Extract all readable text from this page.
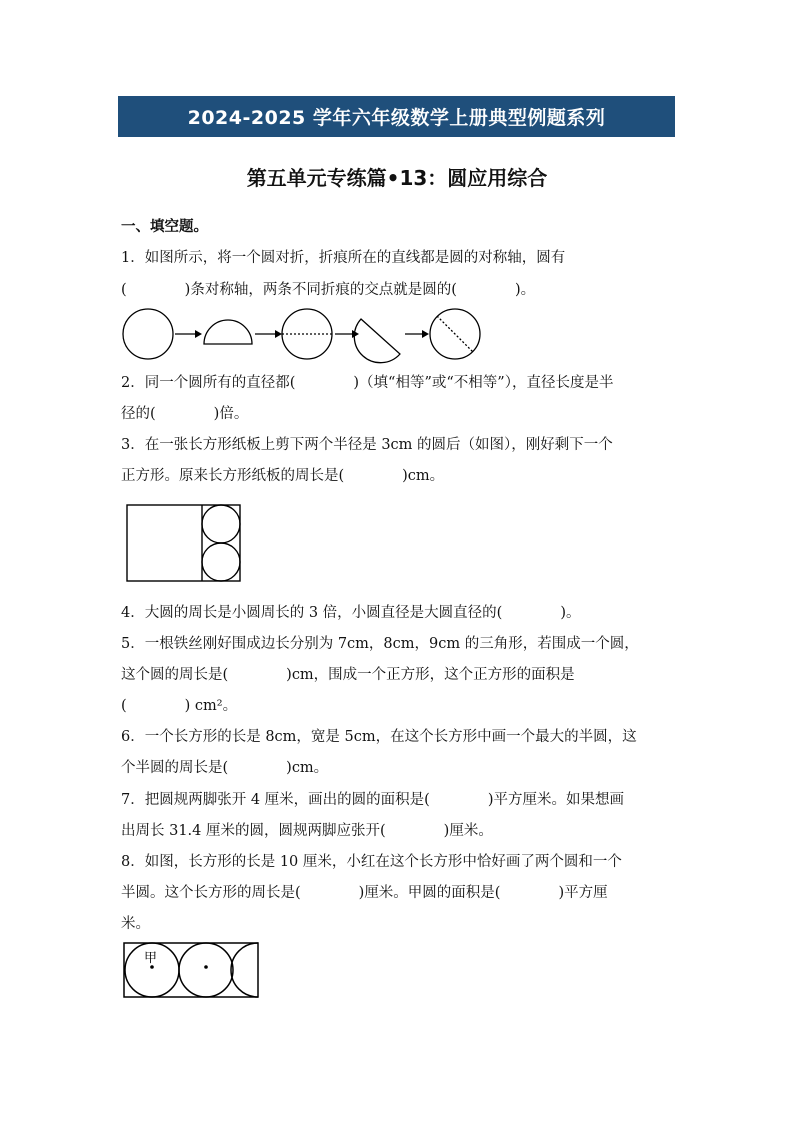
2024-2025 学年六年级数学上册典型例题系列
第五单元专练篇•13：圆应用综合
一、填空题。
1．如图所示，将一个圆对折，折痕所在的直线都是圆的对称轴，圆有
(　　　　)条对称轴，两条不同折痕的交点就是圆的(　　　　)。
2．同一个圆所有的直径都(　　　　)（填“相等”或“不相等”），直径长度是半
径的(　　　　)倍。
3．在一张长方形纸板上剪下两个半径是 3cm 的圆后（如图），刚好剩下一个
正方形。原来长方形纸板的周长是(　　　　)cm。
4．大圆的周长是小圆周长的 3 倍，小圆直径是大圆直径的(　　　　)。
5．一根铁丝刚好围成边长分别为 7cm，8cm，9cm 的三角形，若围成一个圆，
这个圆的周长是(　　　　)cm，围成一个正方形，这个正方形的面积是
(　　　　) cm²。
6．一个长方形的长是 8cm，宽是 5cm，在这个长方形中画一个最大的半圆，这
个半圆的周长是(　　　　)cm。
7．把圆规两脚张开 4 厘米，画出的圆的面积是(　　　　)平方厘米。如果想画
出周长 31.4 厘米的圆，圆规两脚应张开(　　　　)厘米。
8．如图，长方形的长是 10 厘米，小红在这个长方形中恰好画了两个圆和一个
半圆。这个长方形的周长是(　　　　)厘米。甲圆的面积是(　　　　)平方厘
米。
甲
